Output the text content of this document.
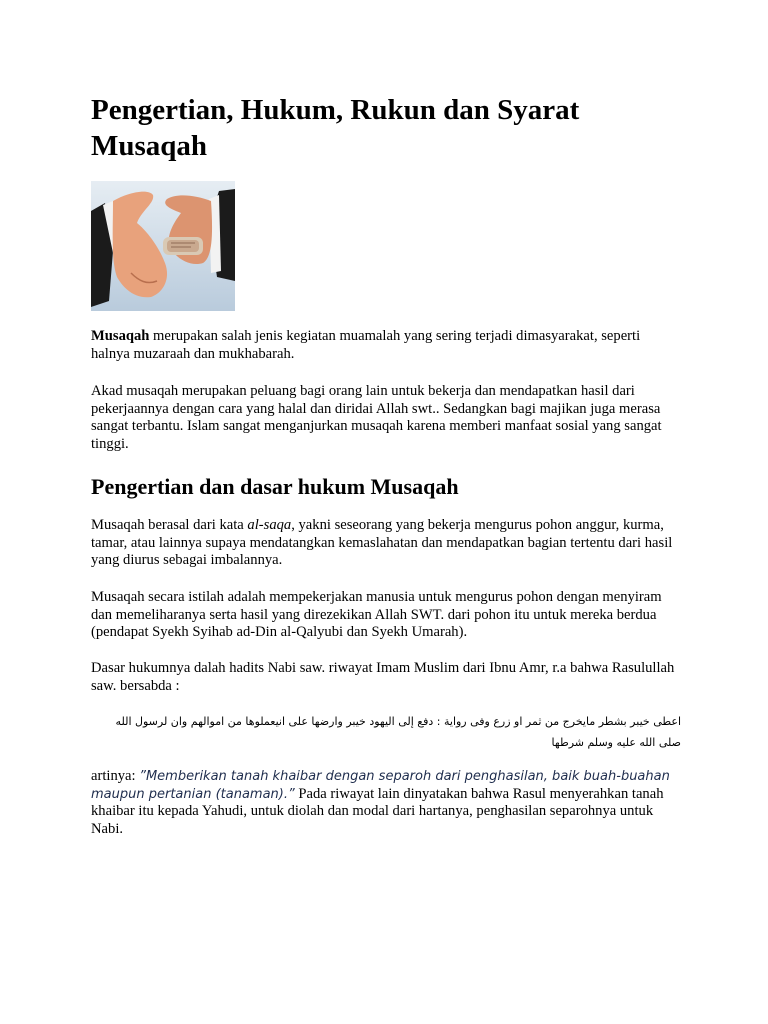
Pengertian, Hukum, Rukun dan Syarat Musaqah

Musaqah merupakan salah jenis kegiatan muamalah yang sering terjadi dimasyarakat, seperti halnya muzaraah dan mukhabarah.

Akad musaqah merupakan peluang bagi orang lain untuk bekerja dan mendapatkan hasil dari pekerjaannya dengan cara yang halal dan diridai Allah swt.. Sedangkan bagi majikan juga merasa sangat terbantu. Islam sangat menganjurkan musaqah karena memberi manfaat sosial yang sangat tinggi.

Pengertian dan dasar hukum Musaqah

Musaqah berasal dari kata al-saqa, yakni seseorang yang bekerja mengurus pohon anggur, kurma, tamar, atau lainnya supaya mendatangkan kemaslahatan dan mendapatkan bagian tertentu dari hasil yang diurus sebagai imbalannya.

Musaqah secara istilah adalah mempekerjakan manusia untuk mengurus pohon dengan menyiram dan memeliharanya serta hasil yang direzekikan Allah SWT. dari pohon itu untuk mereka berdua (pendapat Syekh Syihab ad-Din al-Qalyubi dan Syekh Umarah).

Dasar hukumnya dalah hadits Nabi saw. riwayat Imam Muslim dari Ibnu Amr, r.a bahwa Rasulullah saw. bersabda :

اعطى خيبر بشطر مايخرج من ثمر او زرع وفى رواية : دفع إلى اليهود خيبر وارضها على انيعملوها من اموالهم وان لرسول الله صلى الله عليه وسلم شرطها

artinya: ”Memberikan tanah khaibar dengan separoh dari penghasilan, baik buah-buahan maupun pertanian (tanaman).” Pada riwayat lain dinyatakan bahwa Rasul menyerahkan tanah khaibar itu kepada Yahudi, untuk diolah dan modal dari hartanya, penghasilan separohnya untuk Nabi.
